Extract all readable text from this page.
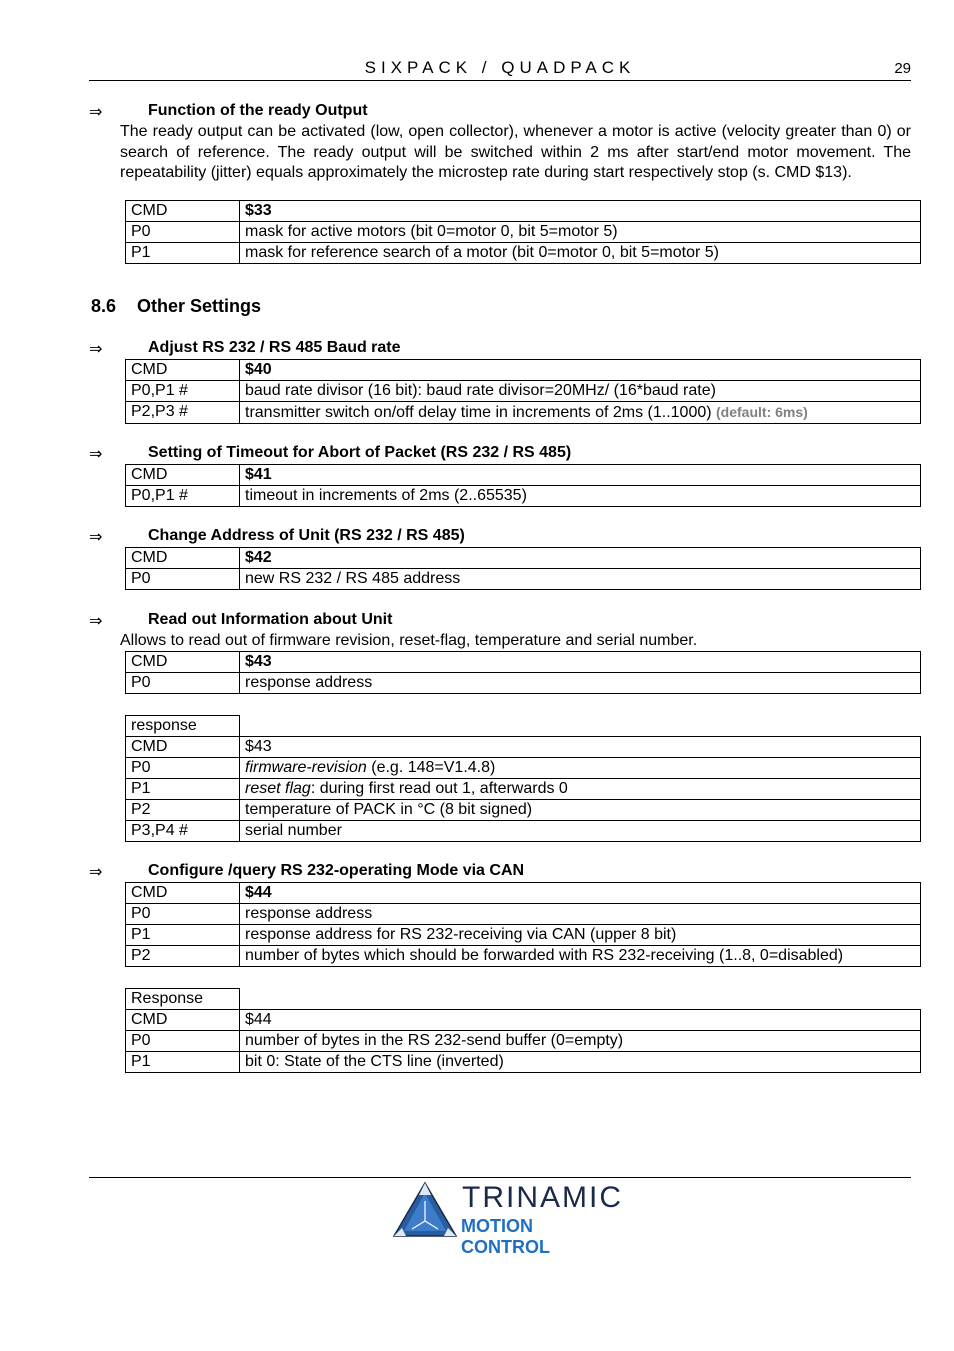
SIXPACK / QUADPACK	29
⇒	Function of the ready Output

The ready output can be activated (low, open collector), whenever a motor is active (velocity greater than 0) or search of reference. The ready output will be switched within 2 ms after start/end motor movement. The repeatability (jitter) equals approximately the microstep rate during start respectively stop (s. CMD $13).

CMD	$33
P0	mask for active motors (bit 0=motor 0, bit 5=motor 5)
P1	mask for reference search of a motor (bit 0=motor 0, bit 5=motor 5)
8.6 Other Settings
⇒	Adjust RS 232 / RS 485 Baud rate
CMD	$40
P0,P1 #	baud rate divisor (16 bit): baud rate divisor=20MHz/ (16*baud rate)
P2,P3 #	transmitter switch on/off delay time in increments of 2ms (1..1000) (default: 6ms)
⇒	Setting of Timeout for Abort of Packet (RS 232 / RS 485)
CMD	$41
P0,P1 #	timeout in increments of 2ms (2..65535)
⇒	Change Address of Unit (RS 232 / RS 485)
CMD	$42
P0	new RS 232 / RS 485 address
⇒	Read out Information about Unit
Allows to read out of firmware revision, reset-flag, temperature and serial number.
CMD	$43
P0	response address
response	
CMD	$43
P0	firmware-revision (e.g. 148=V1.4.8)
P1	reset flag: during first read out 1, afterwards 0
P2	temperature of PACK in °C (8 bit signed)
P3,P4 #	serial number
⇒	Configure /query RS 232-operating Mode via CAN
CMD	$44
P0	response address
P1	response address for RS 232-receiving via CAN (upper 8 bit)
P2	number of bytes which should be forwarded with RS 232-receiving (1..8, 0=disabled)
Response	
CMD	$44
P0	number of bytes in the RS 232-send buffer (0=empty)
P1	bit 0: State of the CTS line (inverted)
TRINAMIC
MOTION CONTROL
